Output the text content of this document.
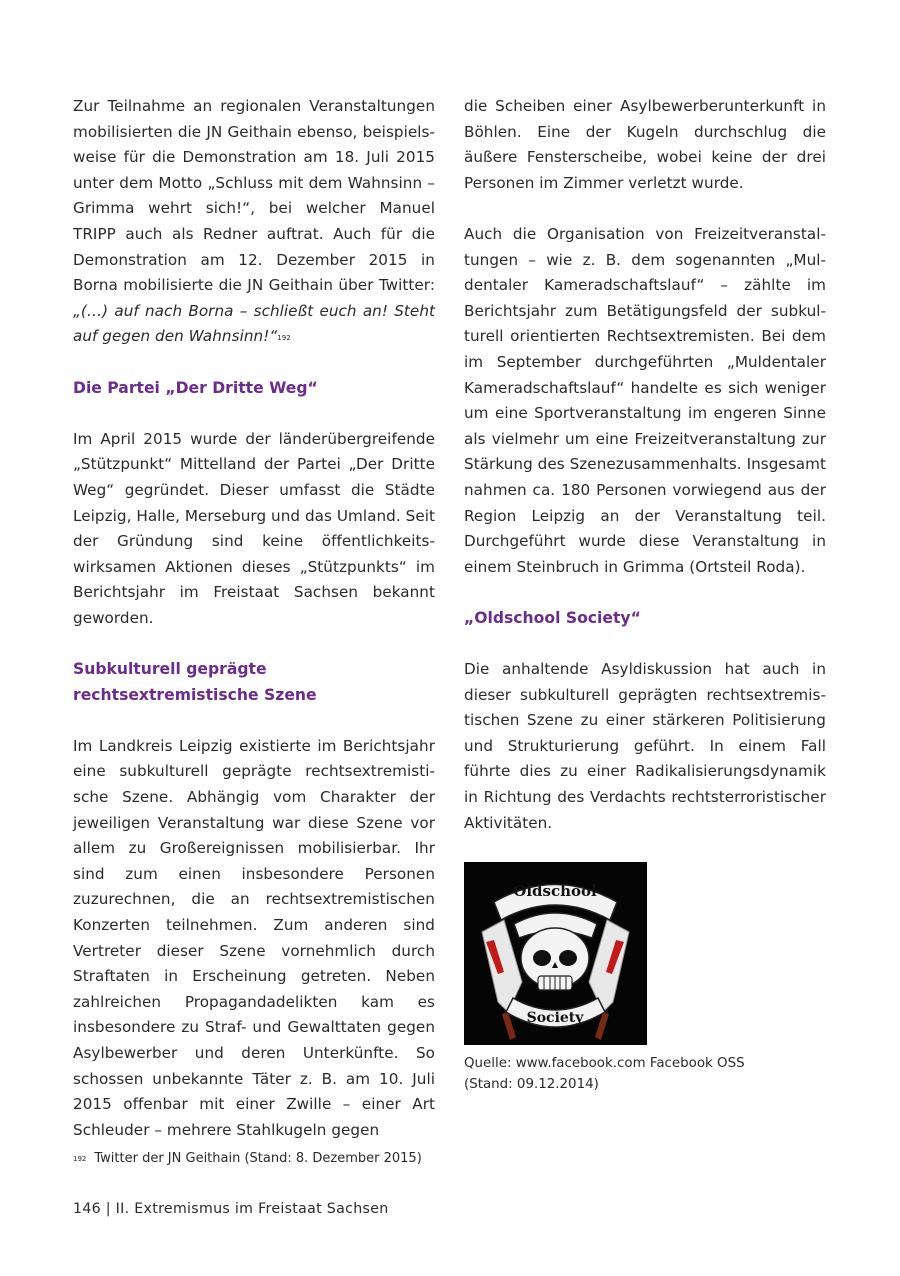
Zur Teilnahme an regionalen Veranstaltungen mobilisierten die JN Geithain ebenso, beispielsweise für die Demonstration am 18. Juli 2015 unter dem Motto „Schluss mit dem Wahnsinn – Grimma wehrt sich!“, bei welcher Manuel TRIPP auch als Redner auftrat. Auch für die Demonstration am 12. Dezember 2015 in Borna mobilisierte die JN Geithain über Twitter: „(…) auf nach Borna – schließt euch an! Steht auf gegen den Wahnsinn!“$^{192}$

Die Partei „Der Dritte Weg“

Im April 2015 wurde der länderübergreifende „Stützpunkt“ Mittelland der Partei „Der Dritte Weg“ gegründet. Dieser umfasst die Städte Leipzig, Halle, Merseburg und das Umland. Seit der Gründung sind keine öffentlichkeitswirksamen Aktionen dieses „Stützpunkts“ im Berichtsjahr im Freistaat Sachsen bekannt geworden.

Subkulturell geprägte rechtsextremistische Szene

Im Landkreis Leipzig existierte im Berichtsjahr eine subkulturell geprägte rechtsextremistische Szene. Abhängig vom Charakter der jeweiligen Veranstaltung war diese Szene vor allem zu Großereignissen mobilisierbar. Ihr sind zum einen insbesondere Personen zuzurechnen, die an rechtsextremistischen Konzerten teilnehmen. Zum anderen sind Vertreter dieser Szene vornehmlich durch Straftaten in Erscheinung getreten. Neben zahlreichen Propagandadelikten kam es insbesondere zu Straf- und Gewalttaten gegen Asylbewerber und deren Unterkünfte. So schossen unbekannte Täter z. B. am 10. Juli 2015 offenbar mit einer Zwille – einer Art Schleuder – mehrere Stahlkugeln gegen

die Scheiben einer Asylbewerberunterkunft in Böhlen. Eine der Kugeln durchschlug die äußere Fensterscheibe, wobei keine der drei Personen im Zimmer verletzt wurde.

Auch die Organisation von Freizeitveranstaltungen – wie z. B. dem sogenannten „Muldentaler Kameradschaftslauf“ – zählte im Berichtsjahr zum Betätigungsfeld der subkulturell orientierten Rechtsextremisten. Bei dem im September durchgeführten „Muldentaler Kameradschaftslauf“ handelte es sich weniger um eine Sportveranstaltung im engeren Sinne als vielmehr um eine Freizeitveranstaltung zur Stärkung des Szenezusammenhalts. Insgesamt nahmen ca. 180 Personen vorwiegend aus der Region Leipzig an der Veranstaltung teil. Durchgeführt wurde diese Veranstaltung in einem Steinbruch in Grimma (Ortsteil Roda).

„Oldschool Society“

Die anhaltende Asyldiskussion hat auch in dieser subkulturell geprägten rechtsextremistischen Szene zu einer stärkeren Politisierung und Strukturierung geführt. In einem Fall führte dies zu einer Radikalisierungsdynamik in Richtung des Verdachts rechtsterroristischer Aktivitäten.

Oldschool
Society
Quelle: www.facebook.com Facebook OSS
(Stand: 09.12.2014)
$^{192}$ Twitter der JN Geithain (Stand: 8. Dezember 2015)
146 | II. Extremismus im Freistaat Sachsen
